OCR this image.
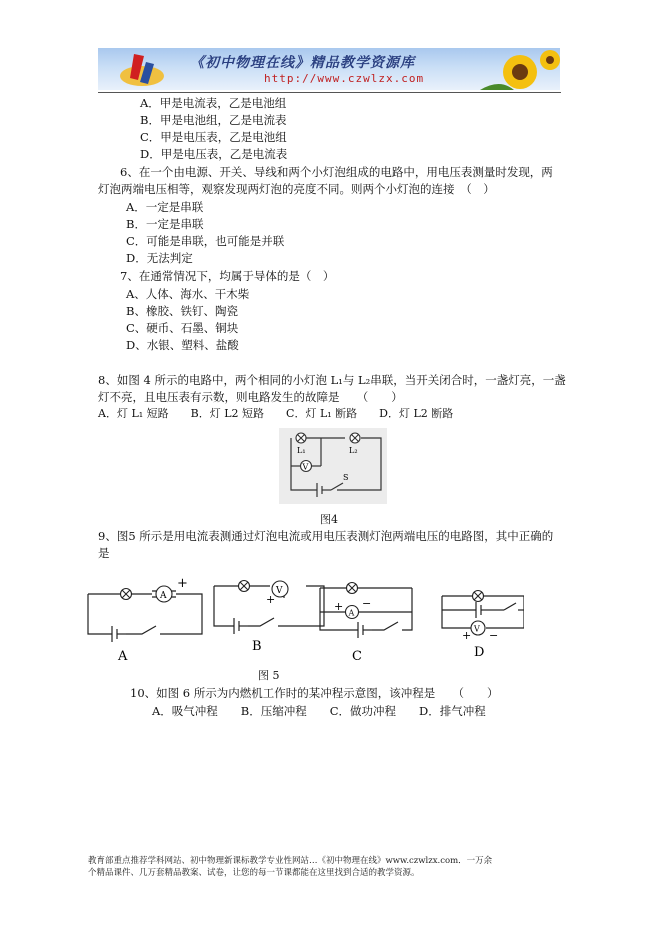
《初中物理在线》精品教学资源库
http://www.czwlzx.com
A．甲是电流表，乙是电池组
B．甲是电池组，乙是电流表
C．甲是电压表，乙是电池组
D．甲是电压表，乙是电流表
6、在一个由电源、开关、导线和两个小灯泡组成的电路中，用电压表测量时发现，两
灯泡两端电压相等，观察发现两灯泡的亮度不同。则两个小灯泡的连接　（　）
A．一定是串联
B．一定是串联
C．可能是串联，也可能是并联
D．无法判定
7、在通常情况下，均属于导体的是（　）
A、人体、海水、干木柴
B、橡胶、铁钉、陶瓷
C、硬币、石墨、铜块
D、水银、塑料、盐酸
8、如图 4 所示的电路中，两个相同的小灯泡 L₁与 L₂串联，当开关闭合时，一盏灯亮，一盏
灯不亮，且电压表有示数，则电路发生的故障是　　（　　）
A．灯 L₁ 短路　　B．灯 L2 短路　　C．灯 L₁ 断路　　D．灯 L2 断路
V
L₁	L₂
S
图4
9、图5 所示是用电流表测通过灯泡电流或用电压表测灯泡两端电压的电路图，其中正确的
是
A	V
A
V
+
+
+ −
+ −
A
B
C	D
图 5
10、如图 6 所示为内燃机工作时的某冲程示意图，该冲程是　　（　　）
A．吸气冲程　　B．压缩冲程　　C．做功冲程　　D．排气冲程
教育部重点推荐学科网站、初中物理新课标教学专业性网站…《初中物理在线》www.czwlzx.com．一万余
个精品课件、几万套精品教案、试卷，让您的每一节课都能在这里找到合适的教学资源。
